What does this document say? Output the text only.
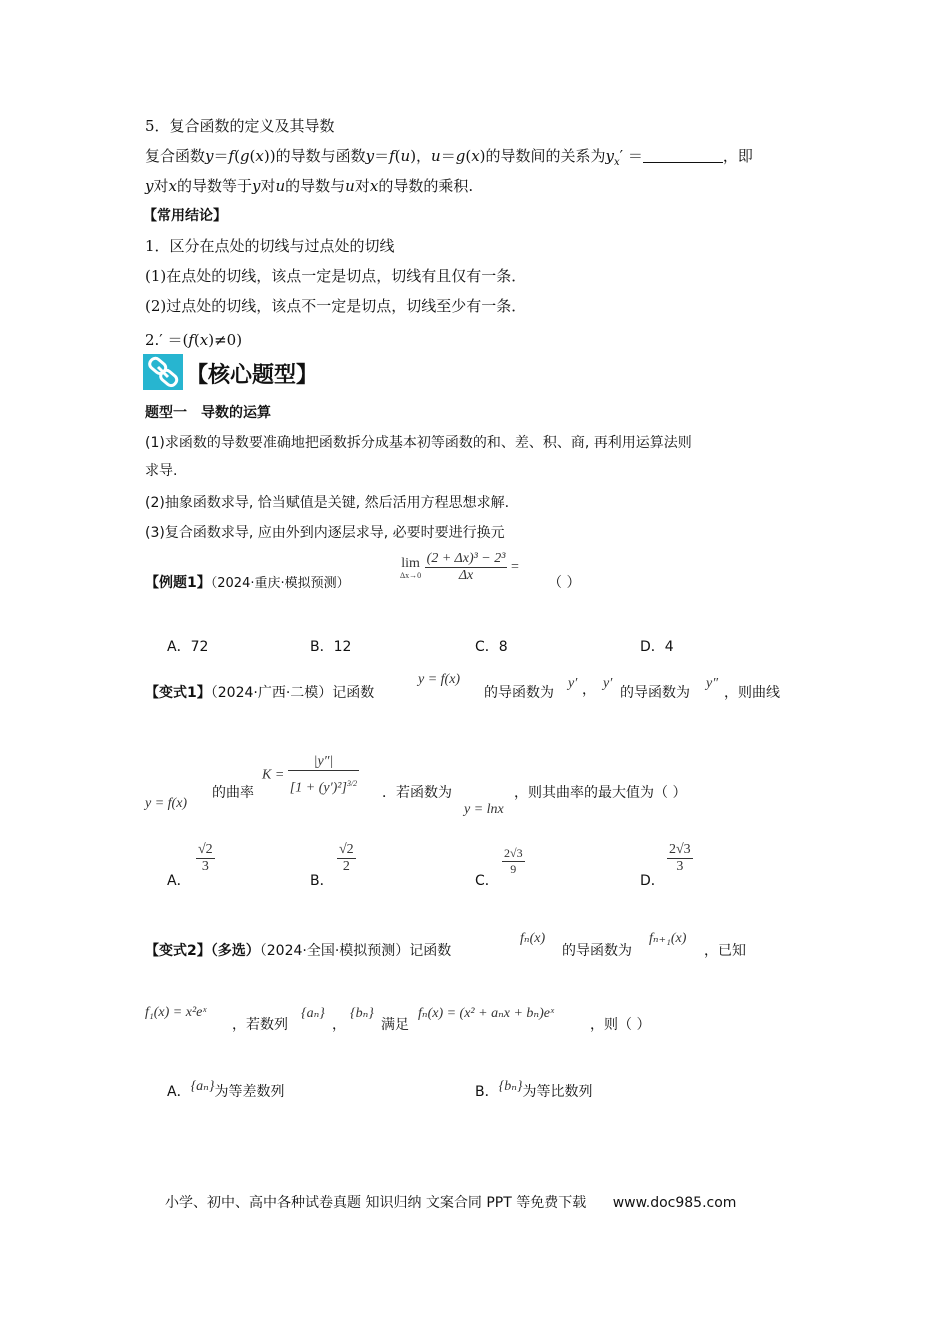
5．复合函数的定义及其导数
复合函数y＝f(g(x))的导数与函数y＝f(u)，u＝g(x)的导数间的关系为$y_x'$ ＝	，即
y对x的导数等于y对u的导数与u对x的导数的乘积.
【常用结论】
1．区分在点处的切线与过点处的切线
(1)在点处的切线，该点一定是切点，切线有且仅有一条．
(2)过点处的切线，该点不一定是切点，切线至少有一条．
2.′ ＝(f(x)≠0)
【核心题型】
题型一　导数的运算
(1)求函数的导数要准确地把函数拆分成基本初等函数的和、差、积、商, 再利用运算法则
求导.
(2)抽象函数求导, 恰当赋值是关键, 然后活用方程思想求解.
(3)复合函数求导, 应由外到内逐层求导, 必要时要进行换元
【例题1】（2024·重庆·模拟预测）
lim
Δx→0
$\frac{\text{(2 + Δx)³ − 2³}}{\Delta x}$ =
（ ）
A．72	B．12	C．8	D．4
【变式1】（2024·广西·二模）记函数
y = f(x)
的导函数为
y′ ， y′
的导函数为
y″
，则曲线
y = f(x)
的曲率
$K = \frac{|y''|}{[1 + (y')^2]^{3/2}}$ ．若函数为
y = lnx
，则其曲率的最大值为（ ）
A．
$\frac{√2}{3}$
B．
$\frac{√2}{2}$
C．
$\frac{2√3}{9}$
D．
$\frac{2√3}{3}$
【变式2】（多选）（2024·全国·模拟预测）记函数
fₙ(x)
的导函数为
fₙ₊₁(x)
，已知
f₁(x) = x²eˣ
，若数列
{aₙ}
，
{bₙ}
满足
fₙ(x) = (x² + aₙx + bₙ)eˣ
，则（ ）
A．{aₙ}为等差数列	B．{bₙ}为等比数列
小学、初中、高中各种试卷真题 知识归纳 文案合同 PPT 等免费下载 www.doc985.com
